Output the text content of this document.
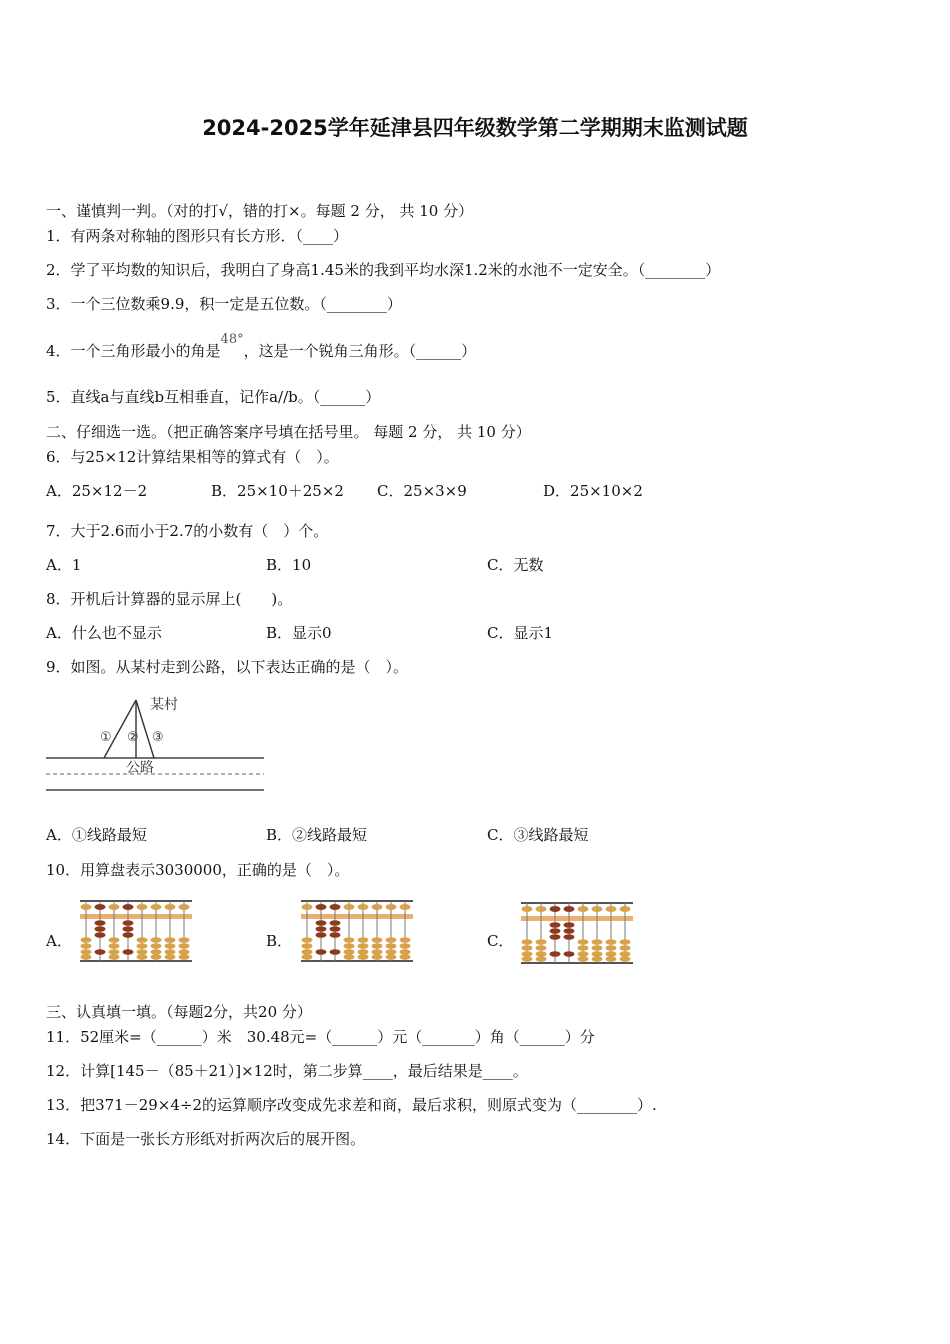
2024-2025学年延津县四年级数学第二学期期末监测试题
一、谨慎判一判。（对的打√，错的打×。每题 2 分， 共 10 分）
1．有两条对称轴的图形只有长方形．（____）
2．学了平均数的知识后，我明白了身高1.45米的我到平均水深1.2米的水池不一定安全。（________）
3．一个三位数乘9.9，积一定是五位数。（________）
4．一个三角形最小的角是48°，这是一个锐角三角形。（______）
5．直线a与直线b互相垂直，记作a//b。（______）
二、仔细选一选。（把正确答案序号填在括号里。 每题 2 分， 共 10 分）
6．与25×12计算结果相等的算式有（　）。
A．25×12－2	B．25×10＋25×2 C．25×3×9	D．25×10×2
7．大于2.6而小于2.7的小数有（　）个。
A．1	B．10	C．无数
8．开机后计算器的显示屏上(　　)。
A．什么也不显示	B．显示0	C．显示1
9．如图。从某村走到公路，以下表达正确的是（　）。
某村
公路
① ② ③
A．①线路最短	B．②线路最短	C．③线路最短
10．用算盘表示3030000，正确的是（　）。
A．	B．	C．
三、认真填一填。（每题2分，共20 分）
11．52厘米=（______）米　30.48元=（______）元（_______）角（______）分
12．计算[145－（85＋21）]×12时，第二步算____，最后结果是____。
13．把371－29×4÷2的运算顺序改变成先求差和商，最后求积，则原式变为（________）.
14．下面是一张长方形纸对折两次后的展开图。
